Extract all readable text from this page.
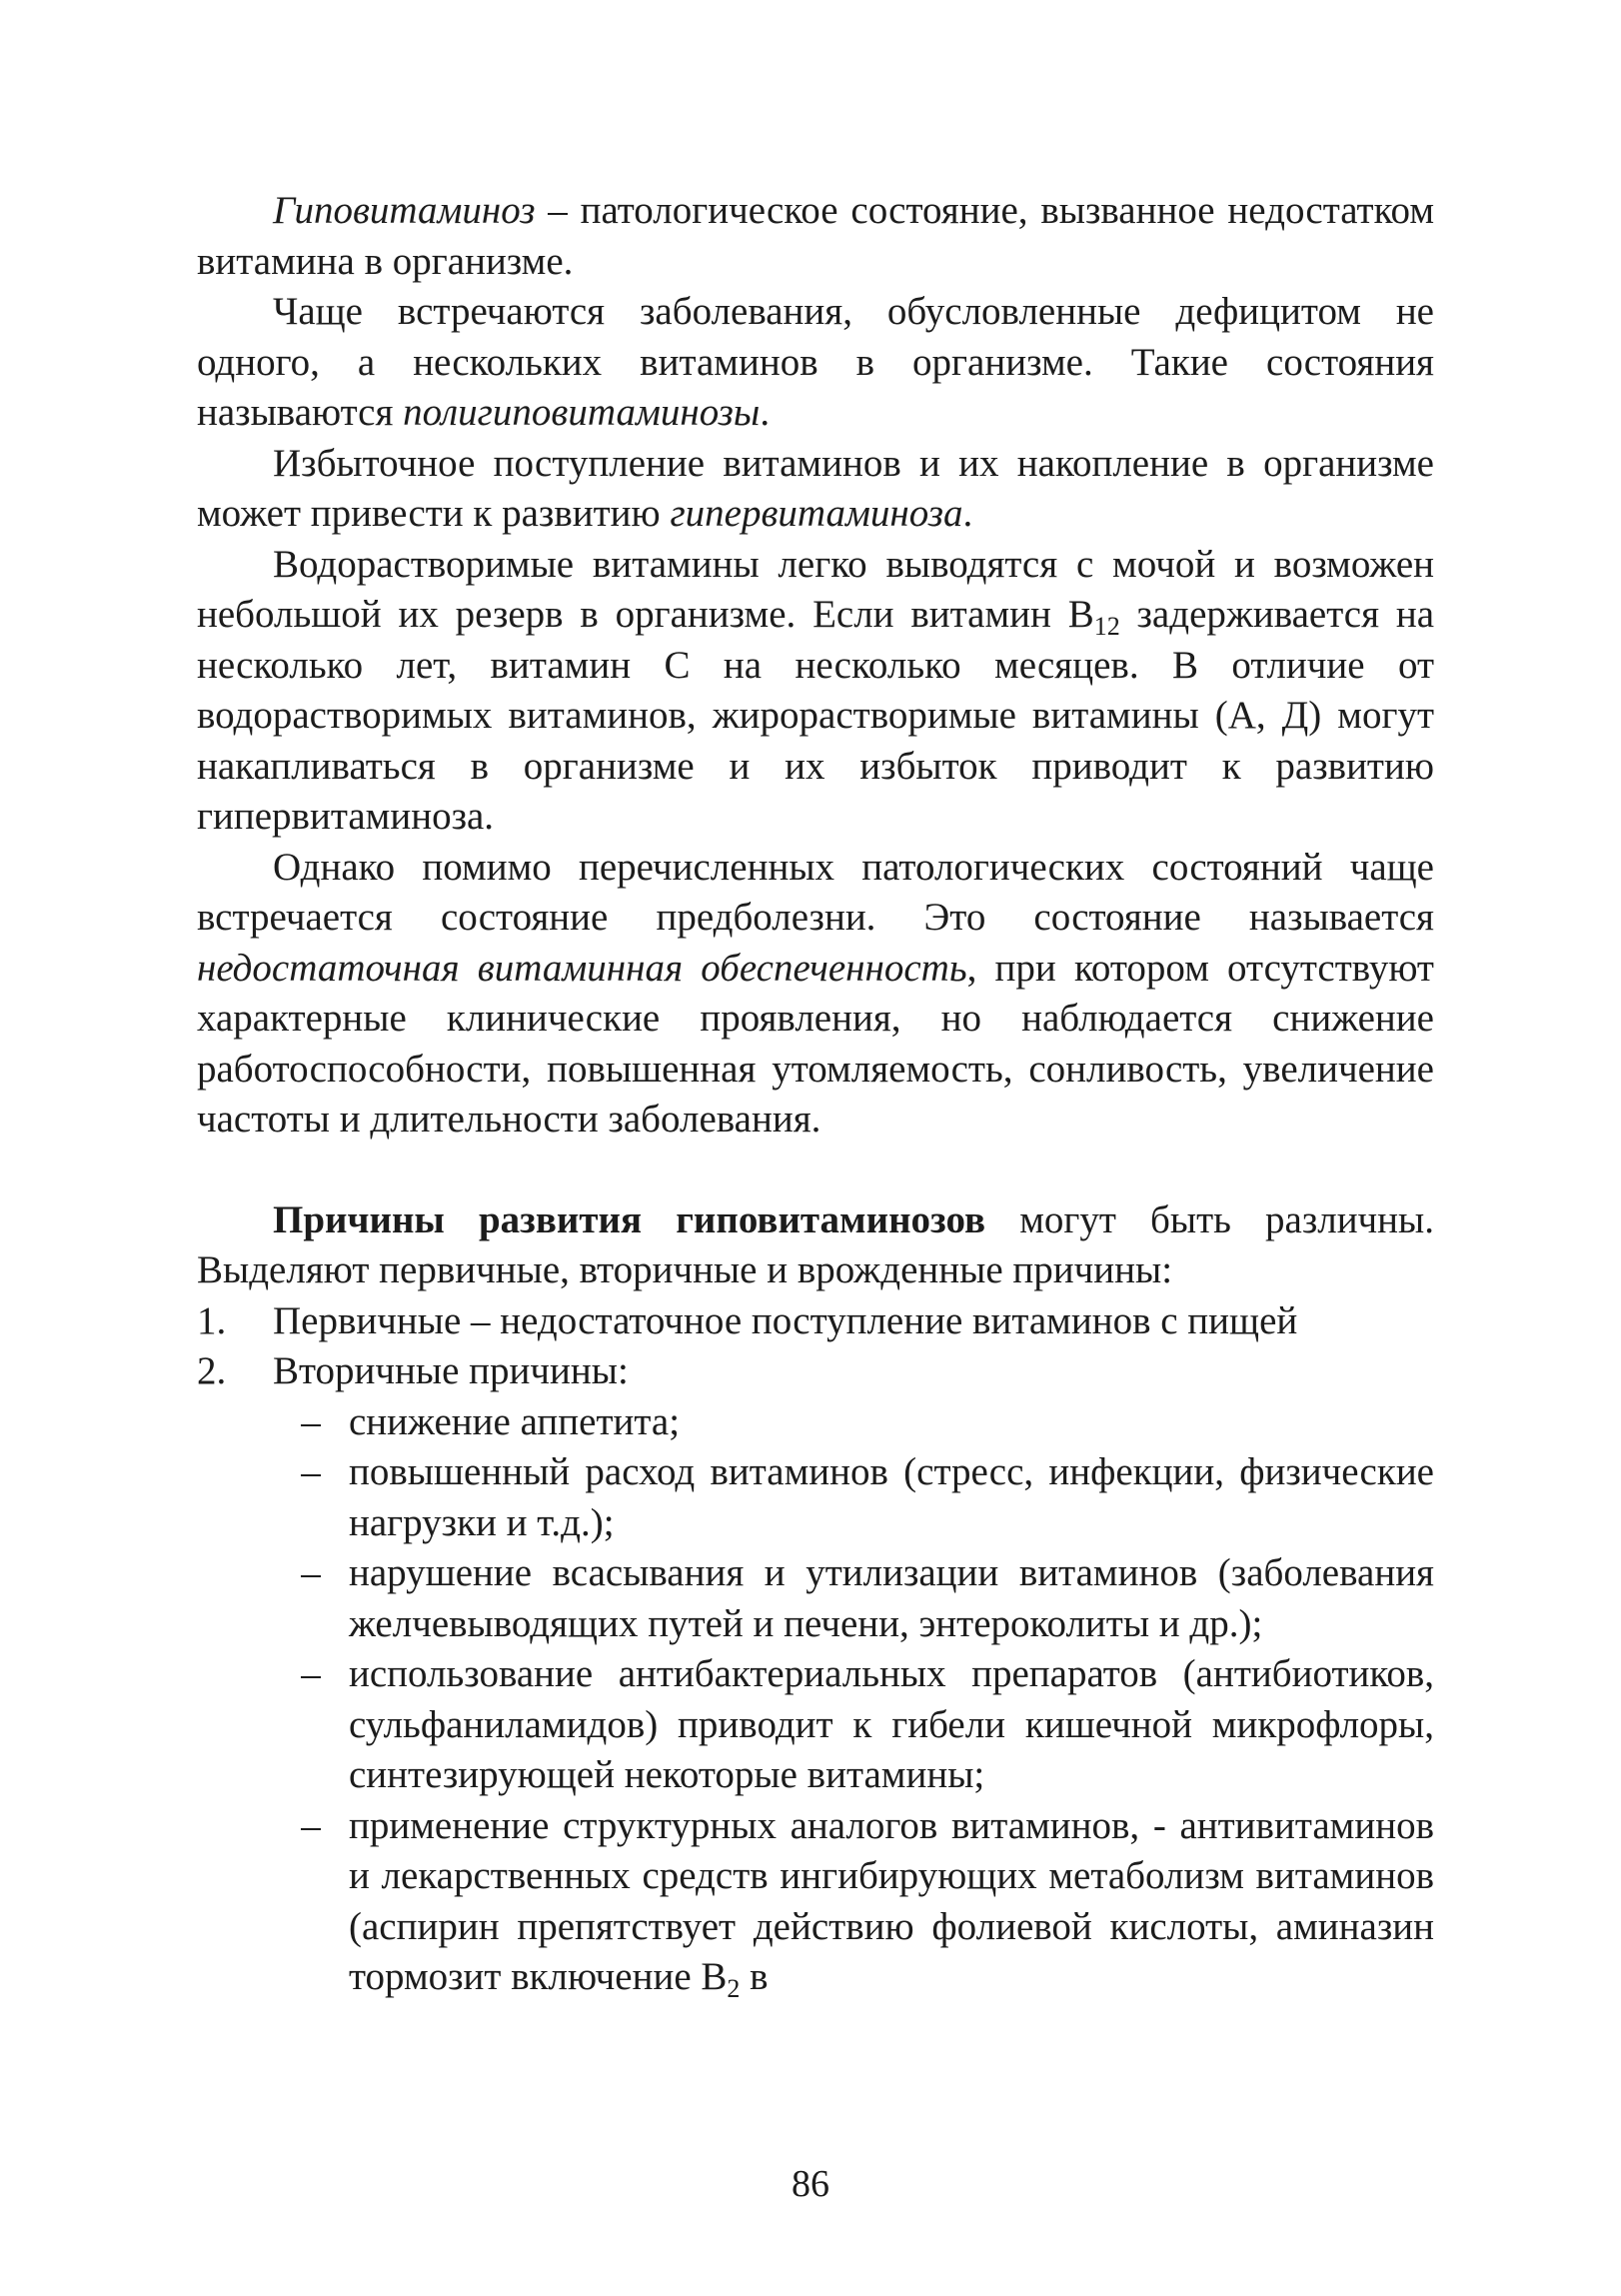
Гиповитаминоз – патологическое состояние, вызванное недостатком витамина в организме.

Чаще встречаются заболевания, обусловленные дефицитом не одного, а нескольких витаминов в организме. Такие состояния называются полигиповитаминозы.

Избыточное поступление витаминов и их накопление в организме может привести к развитию гипервитаминоза.

Водорастворимые витамины легко выводятся с мочой и возможен небольшой их резерв в организме. Если витамин $B_{12}$ задерживается на несколько лет, витамин С на несколько месяцев. В отличие от водорастворимых витаминов, жирорастворимые витамины (А, Д) могут накапливаться в организме и их избыток приводит к развитию гипервитаминоза.

Однако помимо перечисленных патологических состояний чаще встречается состояние предболезни. Это состояние называется недостаточная витаминная обеспеченность, при котором отсутствуют характерные клинические проявления, но наблюдается снижение работоспособности, повышенная утомляемость, сонливость, увеличение частоты и длительности заболевания.

Причины развития гиповитаминозов могут быть различны. Выделяют первичные, вторичные и врожденные причины:

1.	Первичные – недостаточное поступление витаминов с пищей
2.	Вторичные причины:
– снижение аппетита;
– повышенный расход витаминов (стресс, инфекции, физические нагрузки и т.д.);
– нарушение всасывания и утилизации витаминов (заболевания желчевыводящих путей и печени, энтероколиты и др.);
– использование антибактериальных препаратов (антибиотиков, сульфаниламидов) приводит к гибели кишечной микрофлоры, синтезирующей некоторые витамины;
– применение структурных аналогов витаминов, - антивитаминов и лекарственных средств ингибирующих метаболизм витаминов (аспирин препятствует действию фолиевой кислоты, аминазин тормозит включение $B_2$ в
86
